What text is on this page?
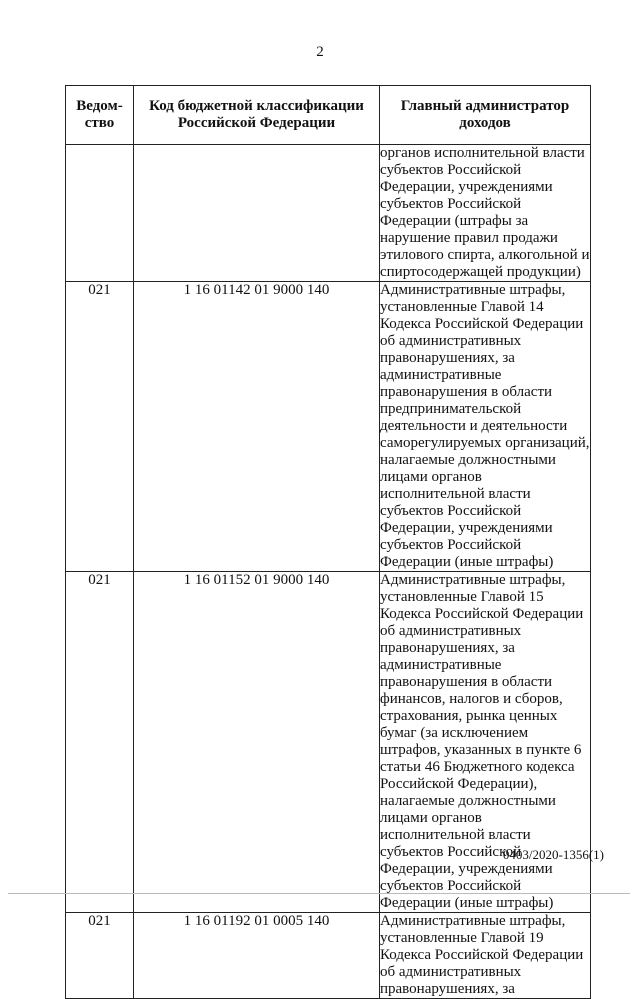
2
Ведом-ство	Код бюджетной классификации Российской Федерации	Главный администратор доходов
		органов исполнительной власти субъектов Российской Федерации, учреждениями субъектов Российской Федерации (штрафы за нарушение правил продажи этилового спирта, алкогольной и спиртосодержащей продукции)
021	1 16 01142 01 9000 140	Административные штрафы, установленные Главой 14 Кодекса Российской Федерации об административных правонарушениях, за административные правонарушения в области предпринимательской деятельности и деятельности саморегулируемых организаций, налагаемые должностными лицами органов исполнительной власти субъектов Российской Федерации, учреждениями субъектов Российской Федерации (иные штрафы)
021	1 16 01152 01 9000 140	Административные штрафы, установленные Главой 15 Кодекса Российской Федерации об административных правонарушениях, за административные правонарушения в области финансов, налогов и сборов, страхования, рынка ценных бумаг (за исключением штрафов, указанных в пункте 6 статьи 46 Бюджетного кодекса Российской Федерации), налагаемые должностными лицами органов исполнительной власти субъектов Российской Федерации, учреждениями субъектов Российской Федерации (иные штрафы)
021	1 16 01192 01 0005 140	Административные штрафы, установленные Главой 19 Кодекса Российской Федерации об административных правонарушениях, за
0403/2020-1356(1)
